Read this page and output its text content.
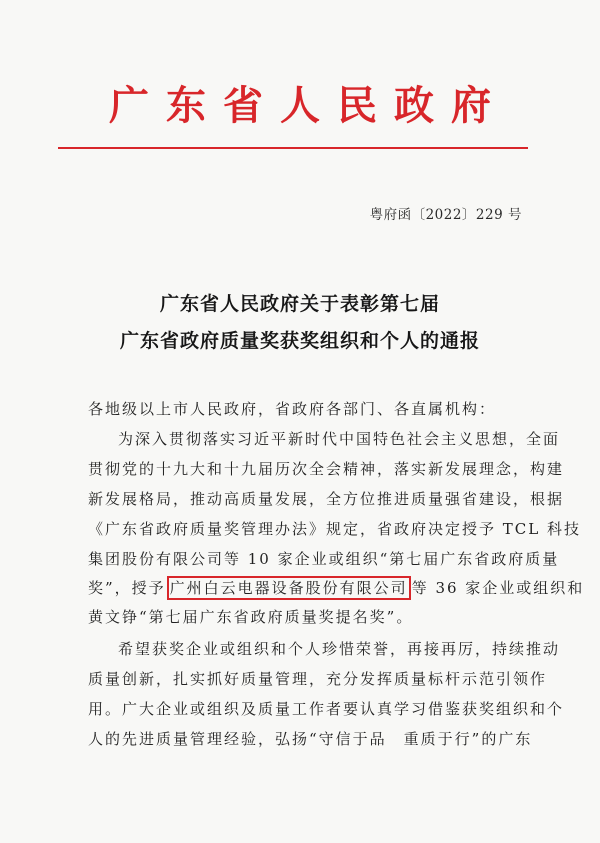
广东省人民政府
粤府函〔2022〕229 号
广东省人民政府关于表彰第七届
广东省政府质量奖获奖组织和个人的通报
各地级以上市人民政府，省政府各部门、各直属机构：
为深入贯彻落实习近平新时代中国特色社会主义思想，全面
贯彻党的十九大和十九届历次全会精神，落实新发展理念，构建
新发展格局，推动高质量发展，全方位推进质量强省建设，根据
《广东省政府质量奖管理办法》规定，省政府决定授予 TCL 科技
集团股份有限公司等 10 家企业或组织“第七届广东省政府质量
奖”，授予 广州白云电器设备股份有限公司 等 36 家企业或组织和
黄文铮“第七届广东省政府质量奖提名奖”。
希望获奖企业或组织和个人珍惜荣誉，再接再厉，持续推动
质量创新，扎实抓好质量管理，充分发挥质量标杆示范引领作
用。广大企业或组织及质量工作者要认真学习借鉴获奖组织和个
人的先进质量管理经验，弘扬“守信于品　重质于行”的广东
